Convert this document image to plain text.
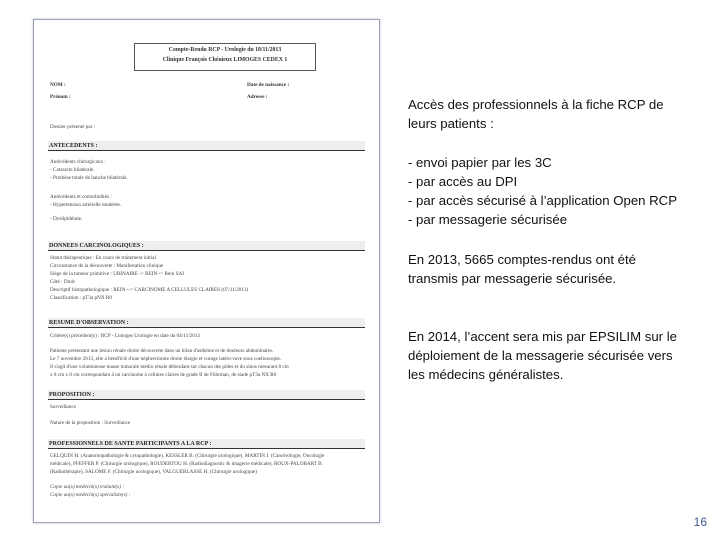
Compte-Rendu RCP - Urologie du 18/11/2013
Clinique François Chénieux LIMOGES CEDEX 1
NOM :
Prénom :
Date de naissance :
Adresse :
Dossier présenté par :
ANTECEDENTS :
Antécédents chirurgicaux :
- Cataracte bilatérale.
- Prothèse totale de hanche bilatérale.
Antécédents et comorbidités :
- Hypertension artérielle modérée.
- Dyslipidémie.
DONNEES CARCINOLOGIQUES :
Statut thérapeutique : En cours de traitement initial
Circonstance de la découverte : Manifestation clinique
Siège de la tumeur primitive : URINAIRE -> REIN -> Rein SAI
Côté : Droit
Descriptif histopathologique : REIN --> CARCINOME A CELLULES CLAIRES (07/11/2013)
Classification : pT3a pNX R0
RESUME D'OBSERVATION :
Critère(s) précédent(s) : RCP - Limoges Urologie en date du 04/11/2013
Patiente présentant une lésion rénale droite découverte dans un bilan d'asthénie et de douleurs abdominales.
Le 7 novembre 2013, elle a bénéficié d'une néphrectomie droite élargie et curage latéro-cave sous coelioscopie.
Il s'agit d'une volumineuse masse tumorale médio rénale débordant sur chacun des pôles et du sinus mesurant 8 cm
x 8 cm x 8 cm correspondant à un carcinome à cellules claires de grade II de Führman, de stade pT3a NX R0
PROPOSITION :
Surveillance
Nature de la proposition : Surveillance
PROFESSIONNELS DE SANTE PARTICIPANTS A LA RCP :
GELQUIN H. (Anatomopathologie & cytopathologie), KESSLER B. (Chirurgie urologique), MARTIN J. (Cancérologie, Oncologie
médicale), PFEFFER P. (Chirurgie urologique), ROUDERTOU H. (Radiodiagnostic & imagerie médicale), ROUX-PALOBART B.
(Radiothérapie), SALOME F. (Chirurgie urologique), VALGUEBLASSE H. (Chirurgie urologique)
Copie au(x) médecin(s) traitant(s) :
Copie au(x) médecin(s) spécialiste(s) :

Accès des professionnels à la fiche RCP de
leurs patients :

- envoi papier par les 3C
- par accès au DPI
- par accès sécurisé à l’application Open RCP
- par messagerie sécurisée

En 2013, 5665 comptes-rendus ont été
transmis par messagerie sécurisée.

En 2014, l’accent sera mis par EPSILIM sur le
déploiement de la messagerie sécurisée vers
les médecins généralistes.

16
